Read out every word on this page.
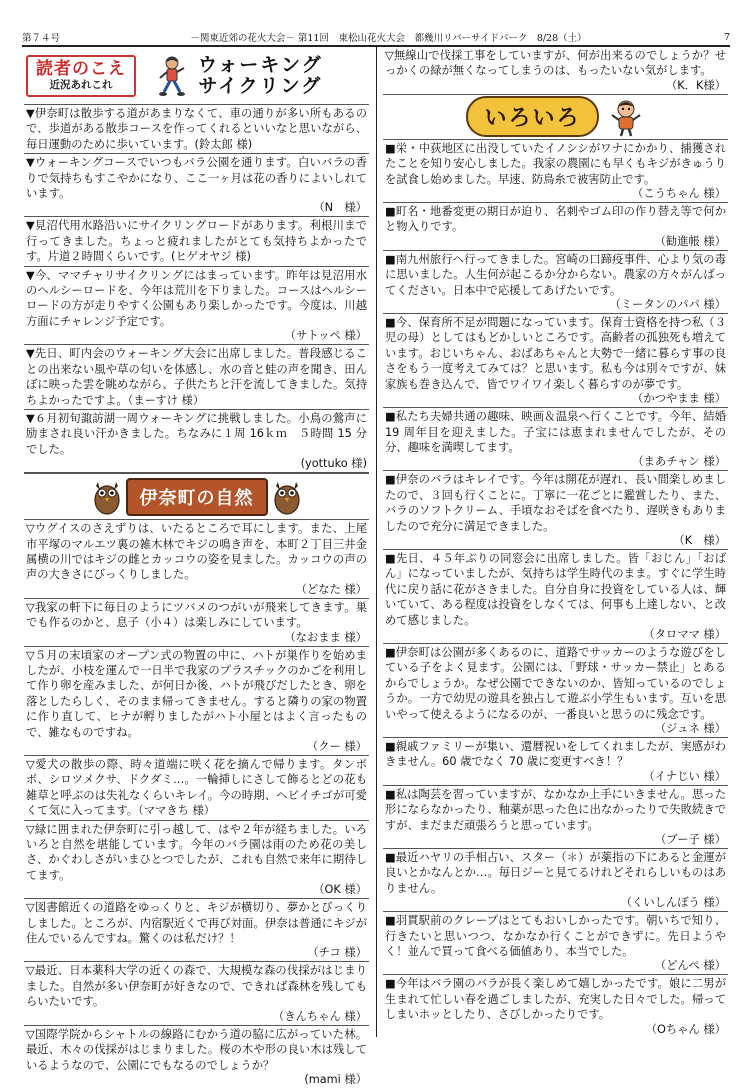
第７４号	－関東近郊の花火大会－ 第11回　東松山花火大会　都幾川リバーサイドパーク　8/28（土）	7
読者のこえ
近況あれこれ
ウォーキング
サイクリング
▼伊奈町は散歩する道があまりなくて、車の通りが多い所もあるので、歩道がある散歩コースを作ってくれるといいなと思いながら、毎日運動のために歩いています。(鈴太郎 様)
▼ウォーキングコースでいつもバラ公園を通ります。白いバラの香りで気持ちもすこやかになり、ここ一ヶ月は花の香りによいしれています。
（N　様）
▼見沼代用水路沿いにサイクリングロードがあります。利根川まで行ってきました。ちょっと疲れましたがとても気持ちよかったです。片道２時間くらいです。(ヒゲオヤジ 様)
▼今、ママチャリサイクリングにはまっています。昨年は見沼用水のヘルシーロードを、今年は荒川を下りました。コースはヘルシーロードの方が走りやすく公園もあり楽しかったです。今度は、川越方面にチャレンジ予定です。
（サトッペ 様）
▼先日、町内会のウォーキング大会に出席しました。普段感じることの出来ない風や草の匂いを体感し、水の音と蛙の声を聞き、田んぼに映った雲を眺めながら、子供たちと汗を流してきました。気持ちよかったですよ。（まーすけ 様）
▼６月初旬諏訪湖一周ウォーキングに挑戦しました。小鳥の鶯声に励まされ良い汗かきました。ちなみに１周 16ｋｍ　５時間 15 分でした。
(yottuko 様)
伊奈町の自然
▽ウグイスのさえずりは、いたるところで耳にします。また、上尾市平塚のマルエツ裏の雑木林でキジの鳴き声を、本町２丁目三井金属横の川ではキジの雌とカッコウの姿を見ました。カッコウの声の声の大きさにびっくりしました。
（どなた 様）
▽我家の軒下に毎日のようにツバメのつがいが飛来してきます。巣でも作るのかと、息子（小４）は楽しみにしています。
（なおまま 様）
▽５月の末頃家のオープン式の物置の中に、ハトが巣作りを始めましたが、小枝を運んで一日半で我家のプラスチックのかごを利用して作り卵を産みました、が何日か後、ハトが飛びだしたとき、卵を落としたらしく、そのまま帰ってきません。すると隣りの家の物置に作り直して、ヒナが孵りましたがハト小屋とはよく言ったもので、雑なものですね。
（クー 様）
▽愛犬の散歩の際、時々道端に咲く花を摘んで帰ります。タンポポ、シロツメクサ、ドクダミ…。一輪挿しにさして飾るとどの花も雑草と呼ぶのは失礼なくらいキレイ。今の時期、ヘビイチゴが可愛くて気に入ってます。（ママきち 様）
▽緑に囲まれた伊奈町に引っ越して、はや２年が経ちました。いろいろと自然を堪能しています。今年のバラ園は雨のため花の美しさ、かぐわしさがいまひとつでしたが、これも自然で来年に期待してます。
（OK 様）
▽図書館近くの道路をゆっくりと、キジが横切り、夢かとびっくりしました。ところが、内宿駅近くで再び対面。伊奈は普通にキジが住んでいるんですね。驚くのは私だけ？！
（チコ 様）
▽最近、日本薬科大学の近くの森で、大規模な森の伐採がはじまりました。自然が多い伊奈町が好きなので、できれば森林を残してもらいたいです。
（きんちゃん 様）
▽国際学院からシャトルの線路にむかう道の脇に広がっていた林。最近、木々の伐採がはじまりました。桜の木や形の良い木は残しているようなので、公園にでもなるのでしょうか？
(mami 様）
▽無線山で伐採工事をしていますが、何が出来るのでしょうか？せっかくの緑が無くなってしまうのは、もったいない気がします。
（K．K様）
いろいろ
■栄・中荻地区に出没していたイノシシがワナにかかり、捕獲されたことを知り安心しました。我家の農園にも早くもキジがきゅうりを試食し始めました。早速、防鳥糸で被害防止です。
（こうちゃん 様）
■町名・地番変更の期日が迫り、名刺やゴム印の作り替え等で何かと物入りです。
（勧進帳 様）
■南九州旅行へ行ってきました。宮崎の口蹄疫事件、心より気の毒に思いました。人生何が起こるか分からない。農家の方々がんばってください。日本中で応援してあげたいです。
（ミータンのパパ 様）
■今、保育所不足が問題になっています。保育士資格を持つ私（３児の母）としてはもどかしいところです。高齢者の孤独死も増えています。おじいちゃん、おばあちゃんと大勢で一緒に暮らす事の良さをもう一度考えてみては？と思います。私も今は別々ですが、妹家族も巻き込んで、皆でワイワイ楽しく暮らすのが夢です。
（かつやまま 様）
■私たち夫婦共通の趣味、映画＆温泉へ行くことです。今年、結婚 19 周年目を迎えました。子宝には恵まれませんでしたが、その分、趣味を満喫してます。
（まあチャン 様）
■伊奈のバラはキレイです。今年は開花が遅れ、長い間楽しめましたので、３回も行くことに。丁寧に一花ごとに鑑賞したり、また、バラのソフトクリーム、手頃なおそばを食べたり、遅咲きもありましたので充分に満足できました。
（K　様）
■先日、４５年ぶりの同窓会に出席しました。皆「おじん」「おばん」になっていましたが、気持ちは学生時代のまま。すぐに学生時代に戻り話に花がさきました。自分自身に投資をしている人は、輝いていて、ある程度は投資をしなくては、何事も上達しない、と改めて感じました。
（タロママ 様）
■伊奈町は公園が多くあるのに、道路でサッカーのような遊びをしている子をよく見ます。公園には、「野球・サッカー禁止」とあるからでしょうか。なぜ公園でできないのか、皆知っているのでしょうか。一方で幼児の遊具を独占して遊ぶ小学生もいます。互いを思いやって使えるようになるのが、一番良いと思うのに残念です。
（ジュネ 様）
■親戚ファミリーが集い、還暦祝いをしてくれましたが、実感がわきません。60 歳でなく 70 歳に変更すべき！？
（イナじい 様）
■私は陶芸を習っていますが、なかなか上手にいきません。思った形にならなかったり、釉薬が思った色に出なかったりで失敗続きですが、まだまだ頑張ろうと思っています。
（ブー子 様）
■最近ハヤリの手相占い、スター（＊）が薬指の下にあると金運が良いとかなんとか…。毎日ジーと見てるけれどそれらしいものはありません。
（くいしんぼう 様）
■羽貫駅前のクレープはとてもおいしかったです。朝いちで知り、行きたいと思いつつ、なかなか行くことができずに。先日ようやく！並んで買って食べる価値あり、本当でした。
（どんぺ 様）
■今年はバラ園のバラが長く楽しめて嬉しかったです。娘に二男が生まれて忙しい春を過ごしましたが、充実した日々でした。帰ってしまいホッとしたり、さびしかったりです。
（Oちゃん 様）
